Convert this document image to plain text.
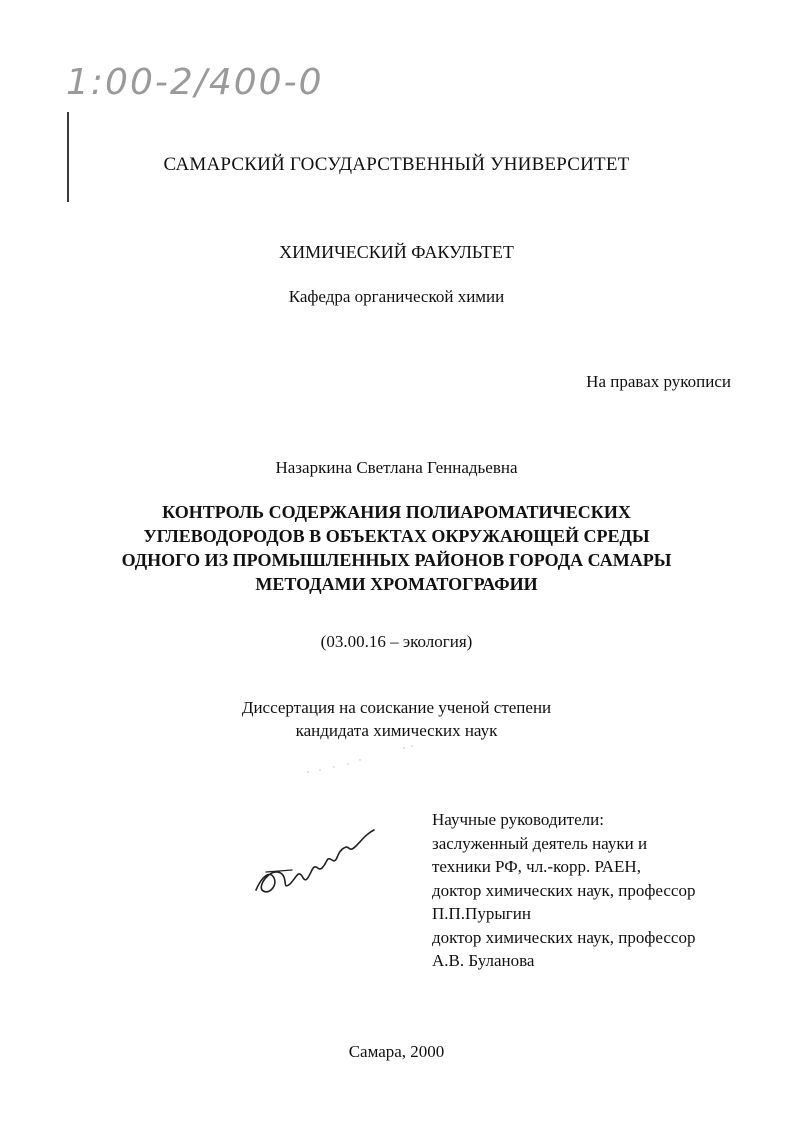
1:00-2/400-0
САМАРСКИЙ ГОСУДАРСТВЕННЫЙ УНИВЕРСИТЕТ
ХИМИЧЕСКИЙ ФАКУЛЬТЕТ
Кафедра органической химии
На правах рукописи
Назаркина Светлана Геннадьевна
КОНТРОЛЬ СОДЕРЖАНИЯ ПОЛИАРОМАТИЧЕСКИХ
УГЛЕВОДОРОДОВ В ОБЪЕКТАХ ОКРУЖАЮЩЕЙ СРЕДЫ
ОДНОГО ИЗ ПРОМЫШЛЕННЫХ РАЙОНОВ ГОРОДА САМАРЫ
МЕТОДАМИ ХРОМАТОГРАФИИ
(03.00.16 – экология)
Диссертация на соискание ученой степени
кандидата химических наук
Научные руководители:
заслуженный деятель науки и
техники РФ, чл.-корр. РАЕН,
доктор химических наук, профессор
П.П.Пурыгин
доктор химических наук, профессор
А.В. Буланова
Самара, 2000
